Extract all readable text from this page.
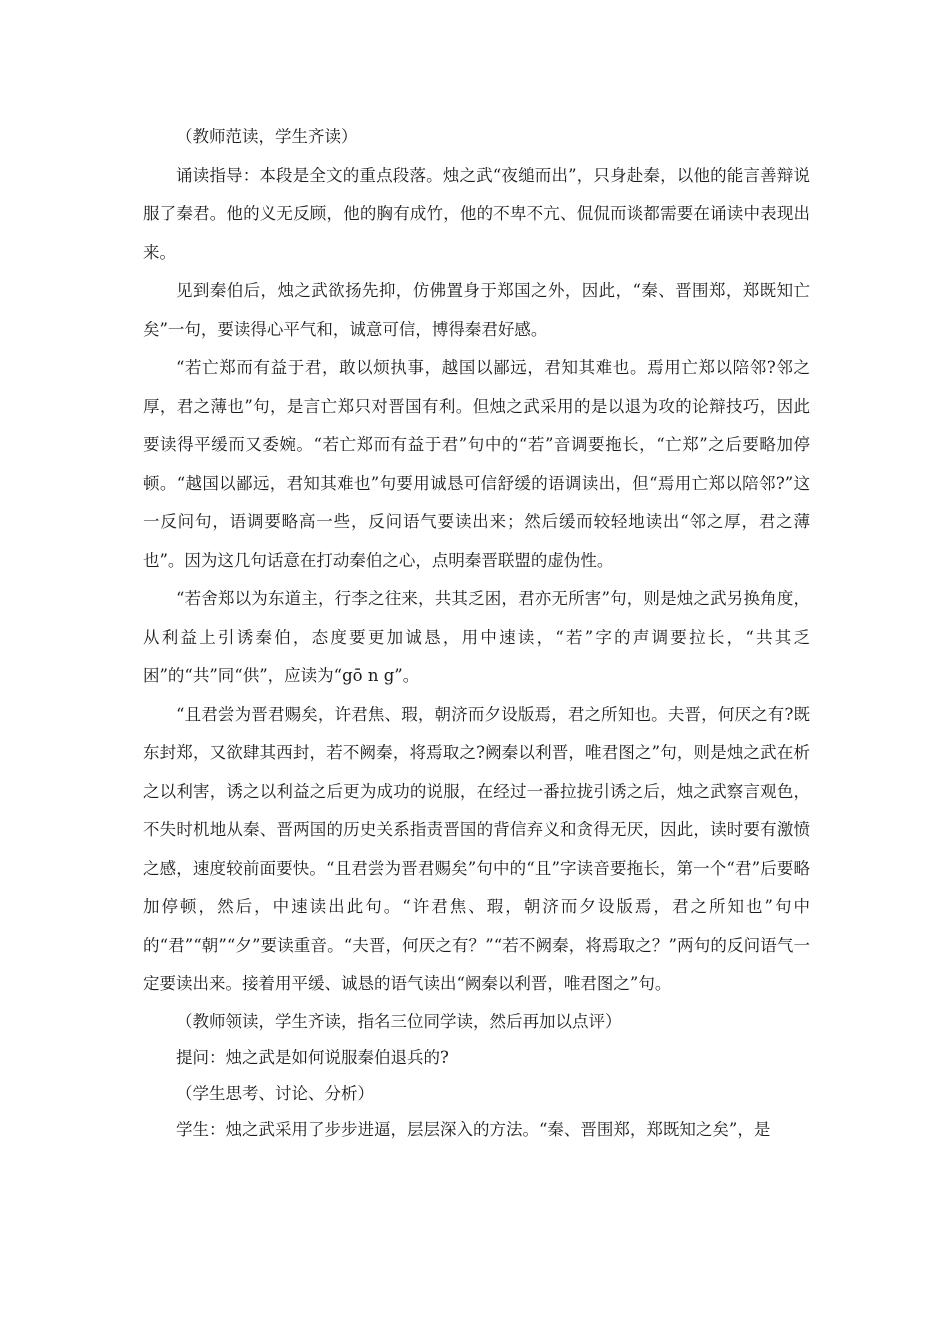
（教师范读，学生齐读）

诵读指导：本段是全文的重点段落。烛之武“夜缒而出”，只身赴秦，以他的能言善辩说服了秦君。他的义无反顾，他的胸有成竹，他的不卑不亢、侃侃而谈都需要在诵读中表现出来。

见到秦伯后，烛之武欲扬先抑，仿佛置身于郑国之外，因此，“秦、晋围郑，郑既知亡矣”一句，要读得心平气和，诚意可信，博得秦君好感。

“若亡郑而有益于君，敢以烦执事，越国以鄙远，君知其难也。焉用亡郑以陪邻?邻之厚，君之薄也”句，是言亡郑只对晋国有利。但烛之武采用的是以退为攻的论辩技巧，因此要读得平缓而又委婉。“若亡郑而有益于君”句中的“若”音调要拖长，“亡郑”之后要略加停顿。“越国以鄙远，君知其难也”句要用诚恳可信舒缓的语调读出，但“焉用亡郑以陪邻?”这一反问句，语调要略高一些，反问语气要读出来；然后缓而较轻地读出“邻之厚，君之薄也”。因为这几句话意在打动秦伯之心，点明秦晋联盟的虚伪性。

“若舍郑以为东道主，行李之往来，共其乏困，君亦无所害”句，则是烛之武另换角度，从利益上引诱秦伯，态度要更加诚恳，用中速读，“若”字的声调要拉长，“共其乏困”的“共”同“供”，应读为“gō n g”。

“且君尝为晋君赐矣，许君焦、瑕，朝济而夕设版焉，君之所知也。夫晋，何厌之有?既东封郑，又欲肆其西封，若不阙秦，将焉取之?阙秦以利晋，唯君图之”句，则是烛之武在析之以利害，诱之以利益之后更为成功的说服，在经过一番拉拢引诱之后，烛之武察言观色，不失时机地从秦、晋两国的历史关系指责晋国的背信弃义和贪得无厌，因此，读时要有激愤之感，速度较前面要快。“且君尝为晋君赐矣”句中的“且”字读音要拖长，第一个“君”后要略加停顿，然后，中速读出此句。“许君焦、瑕，朝济而夕设版焉，君之所知也”句中的“君”“朝”“夕”要读重音。“夫晋，何厌之有？”“若不阙秦，将焉取之？”两句的反问语气一定要读出来。接着用平缓、诚恳的语气读出“阙秦以利晋，唯君图之”句。

（教师领读，学生齐读，指名三位同学读，然后再加以点评）

提问：烛之武是如何说服秦伯退兵的?

（学生思考、讨论、分析）

学生：烛之武采用了步步进逼，层层深入的方法。“秦、晋围郑，郑既知之矣”，是
